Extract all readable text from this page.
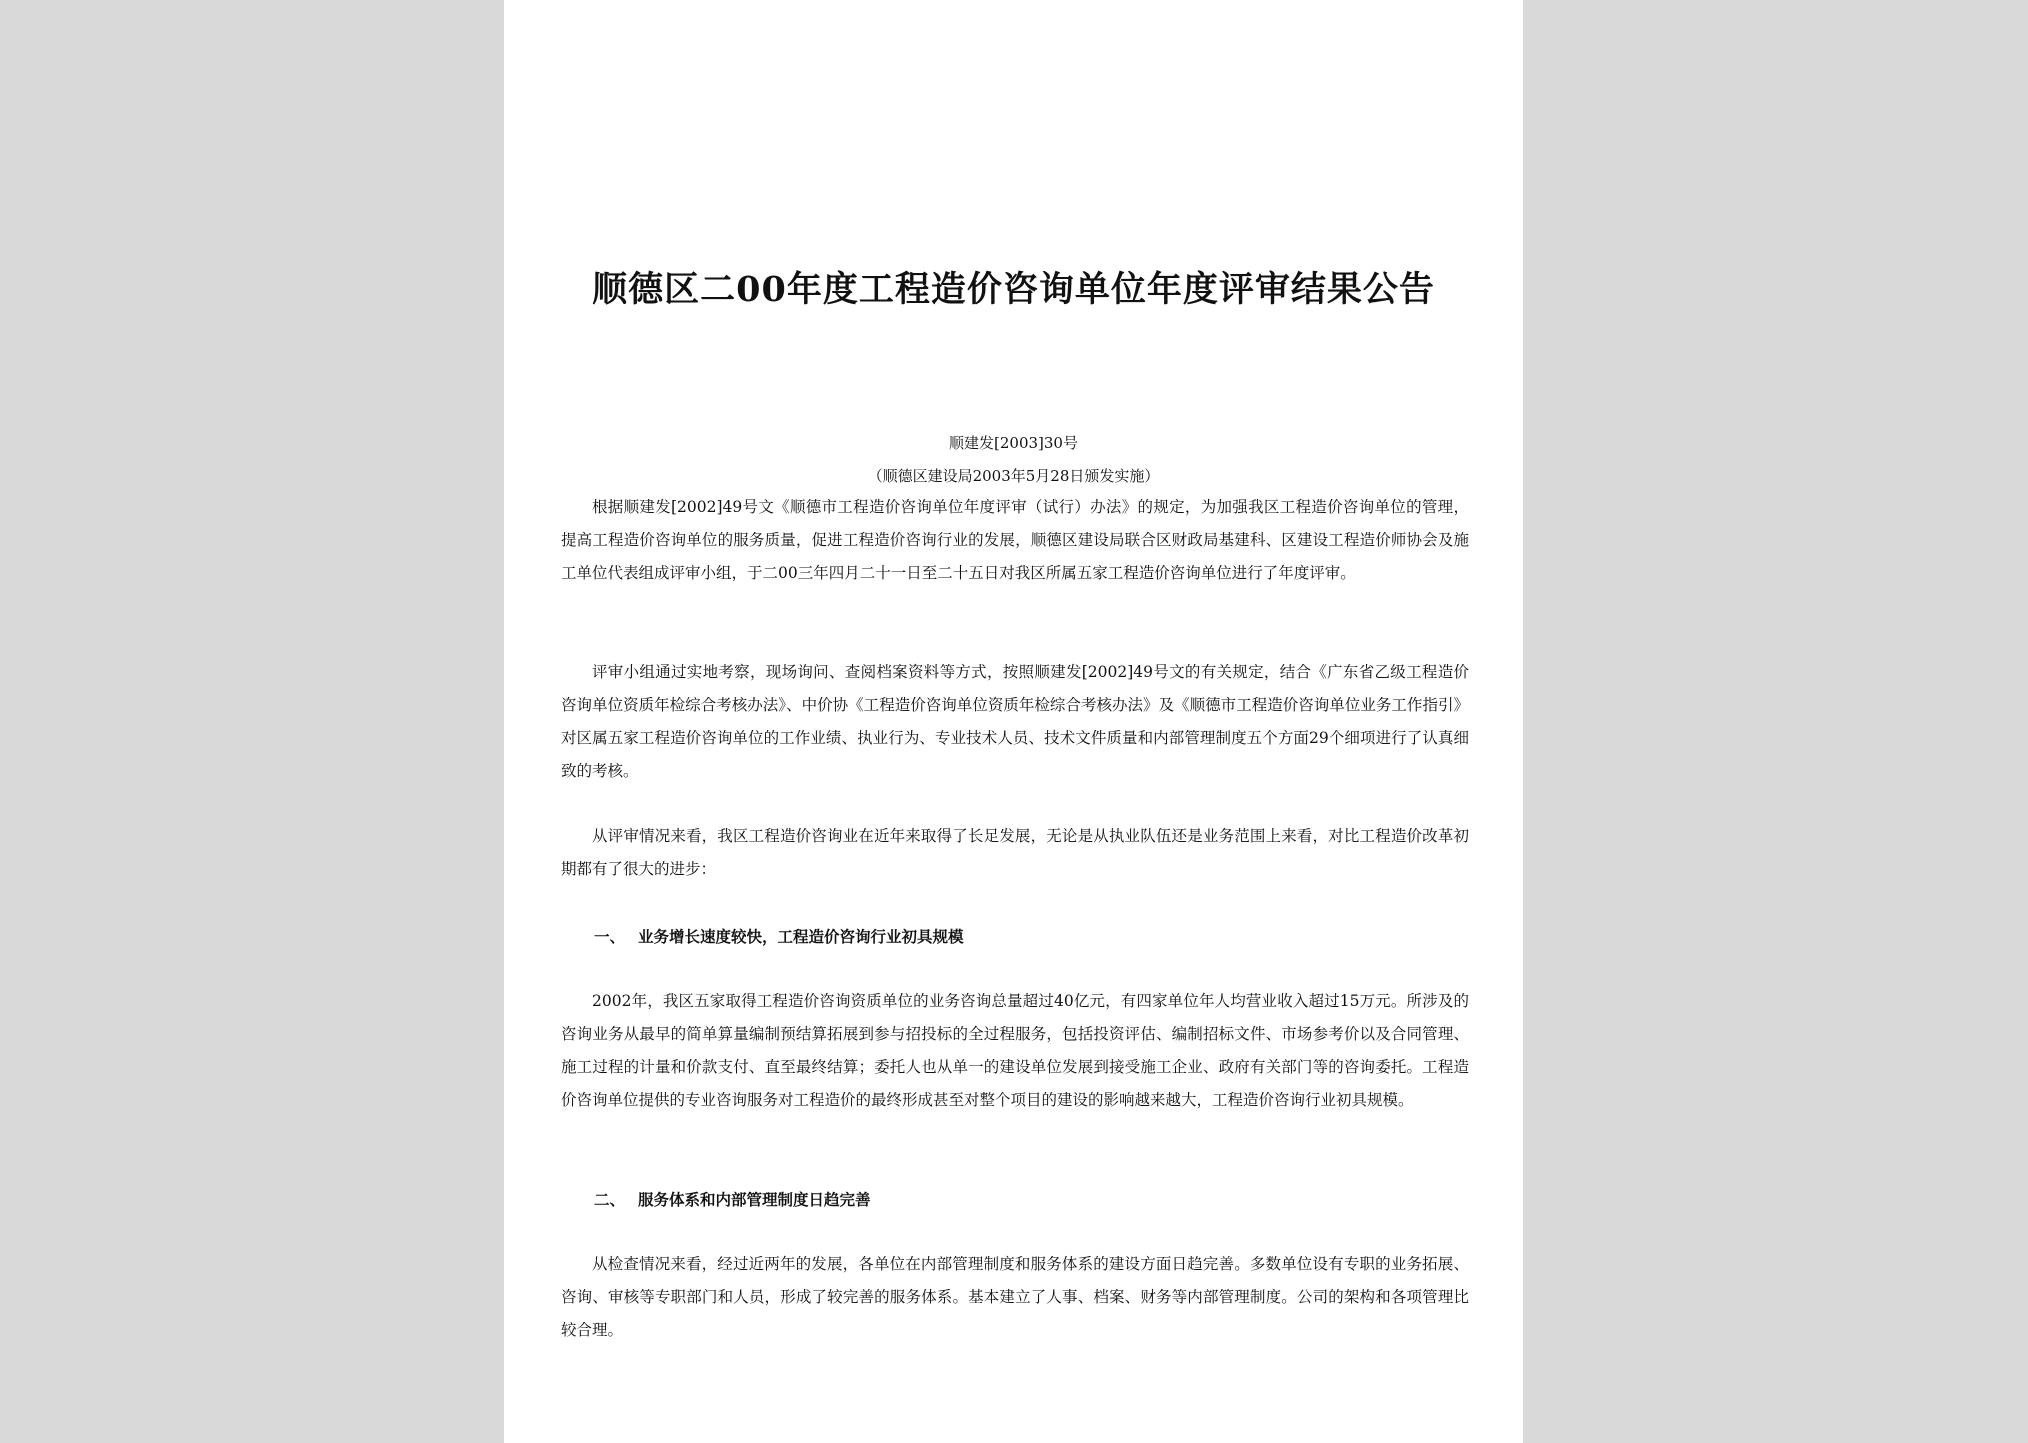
顺德区二00年度工程造价咨询单位年度评审结果公告
顺建发[2003]30号
（顺德区建设局2003年5月28日颁发实施）

根据顺建发[2002]49号文《顺德市工程造价咨询单位年度评审（试行）办法》的规定，为加强我区工程造价咨询单位的管理，提高工程造价咨询单位的服务质量，促进工程造价咨询行业的发展，顺德区建设局联合区财政局基建科、区建设工程造价师协会及施工单位代表组成评审小组，于二00三年四月二十一日至二十五日对我区所属五家工程造价咨询单位进行了年度评审。

评审小组通过实地考察，现场询问、查阅档案资料等方式，按照顺建发[2002]49号文的有关规定，结合《广东省乙级工程造价咨询单位资质年检综合考核办法》、中价协《工程造价咨询单位资质年检综合考核办法》及《顺德市工程造价咨询单位业务工作指引》对区属五家工程造价咨询单位的工作业绩、执业行为、专业技术人员、技术文件质量和内部管理制度五个方面29个细项进行了认真细致的考核。

从评审情况来看，我区工程造价咨询业在近年来取得了长足发展，无论是从执业队伍还是业务范围上来看，对比工程造价改革初期都有了很大的进步：

一、 业务增长速度较快，工程造价咨询行业初具规模

2002年，我区五家取得工程造价咨询资质单位的业务咨询总量超过40亿元，有四家单位年人均营业收入超过15万元。所涉及的咨询业务从最早的简单算量编制预结算拓展到参与招投标的全过程服务，包括投资评估、编制招标文件、市场参考价以及合同管理、施工过程的计量和价款支付、直至最终结算；委托人也从单一的建设单位发展到接受施工企业、政府有关部门等的咨询委托。工程造价咨询单位提供的专业咨询服务对工程造价的最终形成甚至对整个项目的建设的影响越来越大，工程造价咨询行业初具规模。

二、 服务体系和内部管理制度日趋完善

从检查情况来看，经过近两年的发展，各单位在内部管理制度和服务体系的建设方面日趋完善。多数单位设有专职的业务拓展、咨询、审核等专职部门和人员，形成了较完善的服务体系。基本建立了人事、档案、财务等内部管理制度。公司的架构和各项管理比较合理。
